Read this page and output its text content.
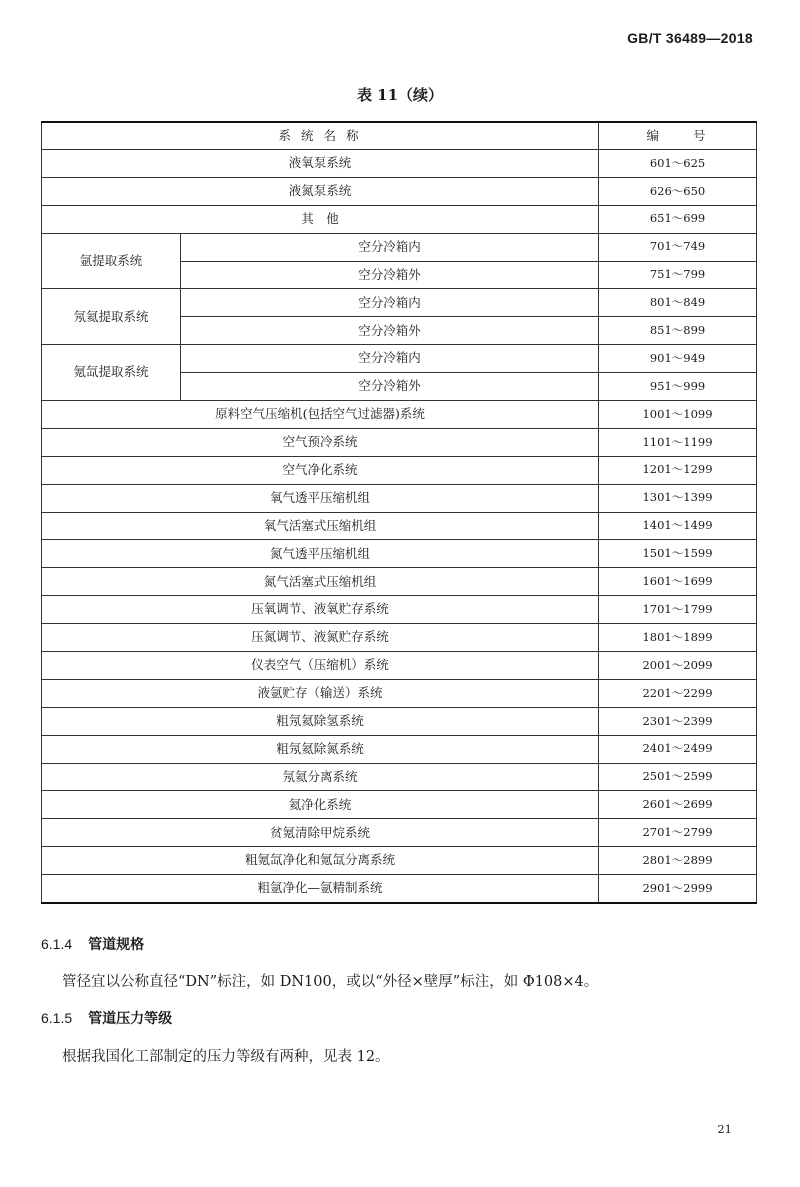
GB/T 36489—2018
表 11（续）
系 统 名 称		编　　号
液氧泵系统		601～625
液氮泵系统		626～650
其　他		651～699
氩提取系统	空分冷箱内	701～749
	空分冷箱外	751～799
氖氦提取系统	空分冷箱内	801～849
	空分冷箱外	851～899
氪氙提取系统	空分冷箱内	901～949
	空分冷箱外	951～999
原料空气压缩机(包括空气过滤器)系统		1001～1099
空气预冷系统		1101～1199
空气净化系统		1201～1299
氧气透平压缩机组		1301～1399
氧气活塞式压缩机组		1401～1499
氮气透平压缩机组		1501～1599
氮气活塞式压缩机组		1601～1699
压氧调节、液氧贮存系统		1701～1799
压氮调节、液氮贮存系统		1801～1899
仪表空气（压缩机）系统		2001～2099
液氩贮存（输送）系统		2201～2299
粗氖氦除氢系统		2301～2399
粗氖氦除氮系统		2401～2499
氖氦分离系统		2501～2599
氦净化系统		2601～2699
贫氪清除甲烷系统		2701～2799
粗氪氙净化和氪氙分离系统		2801～2899
粗氩净化—氩精制系统		2901～2999
6.1.4 管道规格
管径宜以公称直径“DN”标注，如 DN100，或以“外径×壁厚”标注，如 Φ108×4。
6.1.5 管道压力等级
根据我国化工部制定的压力等级有两种，见表 12。
21
